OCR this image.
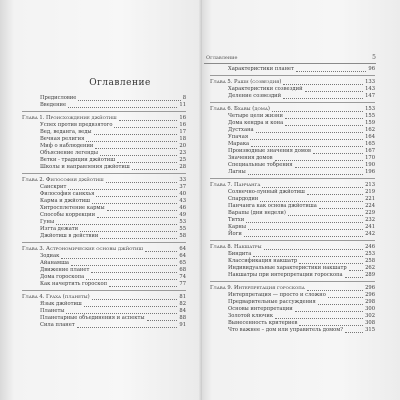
Оглавление
Предисловие	8
Введение	11
Глава 1. Происхождение джйотиш	16
Успех против предвзятого	16
Вед, веданга, веды	17
Вечная религия	18
Миф о наблюдении	20
Объяснение легенды	23
Ветки - традиции джйотиш	25
Школы и направления джйотиш	28
Глава 2. Философия джйотиш	33
Санскрит	37
Философия санкхья	40
Карма и джйотиш	43
Хитросплетение кармы	46
Способы коррекции	49
Гуны	53
Изгта дежати	55
Джйотиш в действии	58
Глава 3. Астрономические основы джйотиш	64
Зодиак	64
Айанамша	65
Движение планет	68
Дома гороскопа	74
Как начертить гороскоп	77
Глава 4. Граха (планеты)	81
Язык джйотиш	82
Планеты	84
Планетарные объединения и аспекты	88
Сила планет	91
Оглавление	5
Характеристики планет	96
Глава 5. Раши (созвездия)	133
Характеристики созвездий	143
Деление созвездий	147
Глава 6. Бхавы (дома)	153
Четыре цели жизни	155
Дома кендра и кона	159
Дустхана	162
Упачая	164
Марака	165
Производные значения домов	167
Значения домов	170
Специальные тобрения	190
Лагны	196
Глава 7. Панчанга	213
Солнечно-лунный джйотиш	219
Спардодин	221
Панчанга как основа джйотиша	224
Варапы (дни недели)	229
Титхи	232
Карны	241
Йоги	242
Глава 8. Накшатры	246
Биндита	253
Классификация накшатр	258
Индивидуальные характеристики накшатр	262
Накшатры при интерпретации гороскопа	289
Глава 9. Интерпретация гороскопа	296
Интерпретация — просто и сложно	296
Предварительные рассуждения	298
Основы интерпретации	300
Золотой ключик	302
Вынесенность критериев	308
Что важнее – дом или управитель домом?	315
